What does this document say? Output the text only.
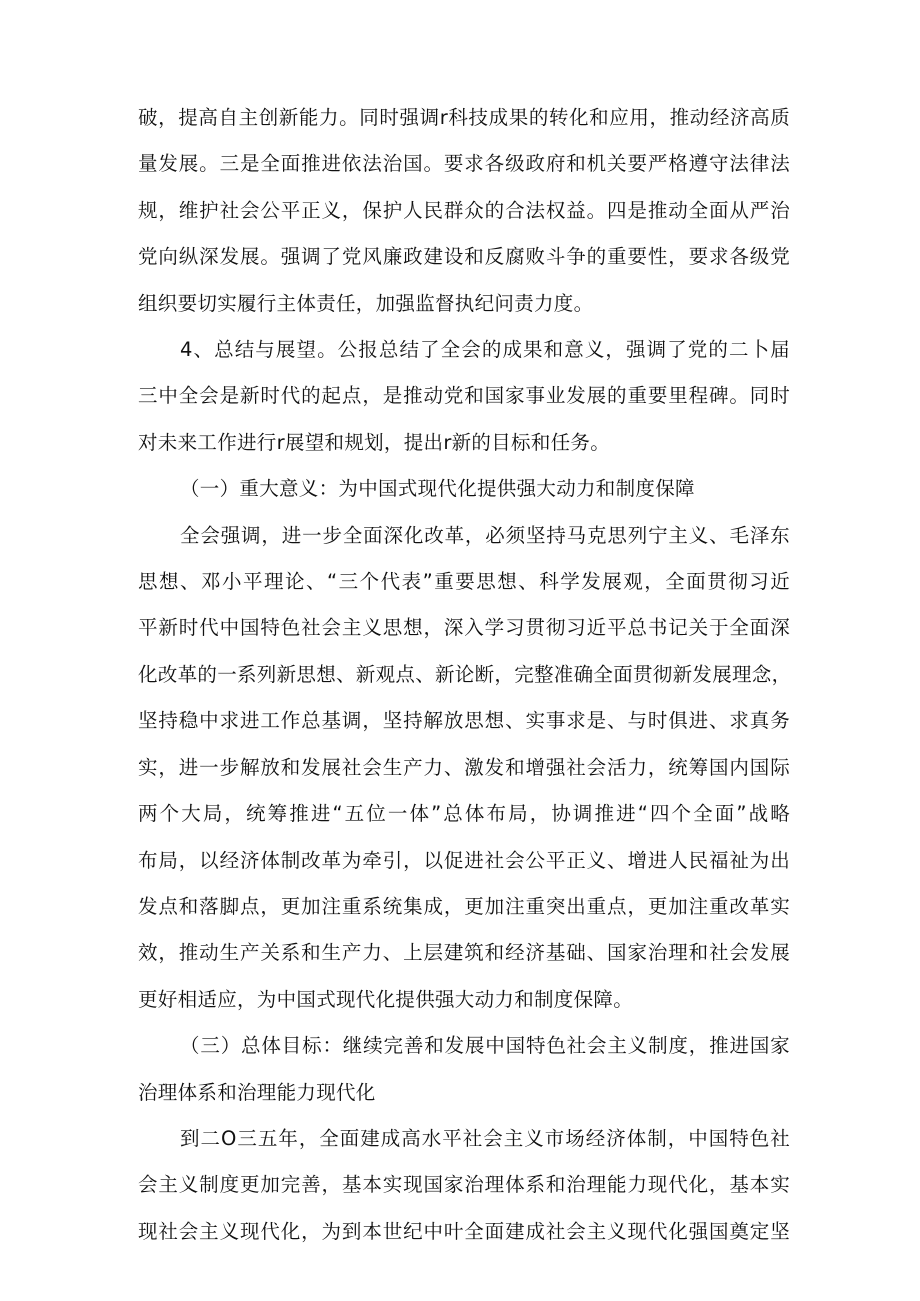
破，提高自主创新能力。同时强调r科技成果的转化和应用，推动经济高质
量发展。三是全面推进依法治国。要求各级政府和机关要严格遵守法律法
规，维护社会公平正义，保护人民群众的合法权益。四是推动全面从严治
党向纵深发展。强调了党风廉政建设和反腐败斗争的重要性，要求各级党
组织要切实履行主体责任，加强监督执纪问责力度。
4、总结与展望。公报总结了全会的成果和意义，强调了党的二卜届
三中全会是新时代的起点，是推动党和国家事业发展的重要里程碑。同时
对未来工作进行r展望和规划，提出r新的目标和任务。
（一）重大意义：为中国式现代化提供强大动力和制度保障
全会强调，进一步全面深化改革，必须坚持马克思列宁主义、毛泽东
思想、邓小平理论、“三个代表”重要思想、科学发展观，全面贯彻习近
平新时代中国特色社会主义思想，深入学习贯彻习近平总书记关于全面深
化改革的一系列新思想、新观点、新论断，完整准确全面贯彻新发展理念，
坚持稳中求进工作总基调，坚持解放思想、实事求是、与时俱进、求真务
实，进一步解放和发展社会生产力、激发和增强社会活力，统筹国内国际
两个大局，统筹推进“五位一体”总体布局，协调推进“四个全面”战略
布局，以经济体制改革为牵引，以促进社会公平正义、增进人民福祉为出
发点和落脚点，更加注重系统集成，更加注重突出重点，更加注重改革实
效，推动生产关系和生产力、上层建筑和经济基础、国家治理和社会发展
更好相适应，为中国式现代化提供强大动力和制度保障。
（三）总体目标：继续完善和发展中国特色社会主义制度，推进国家
治理体系和治理能力现代化
到二O三五年，全面建成高水平社会主义市场经济体制，中国特色社
会主义制度更加完善，基本实现国家治理体系和治理能力现代化，基本实
现社会主义现代化，为到本世纪中叶全面建成社会主义现代化强国奠定坚
